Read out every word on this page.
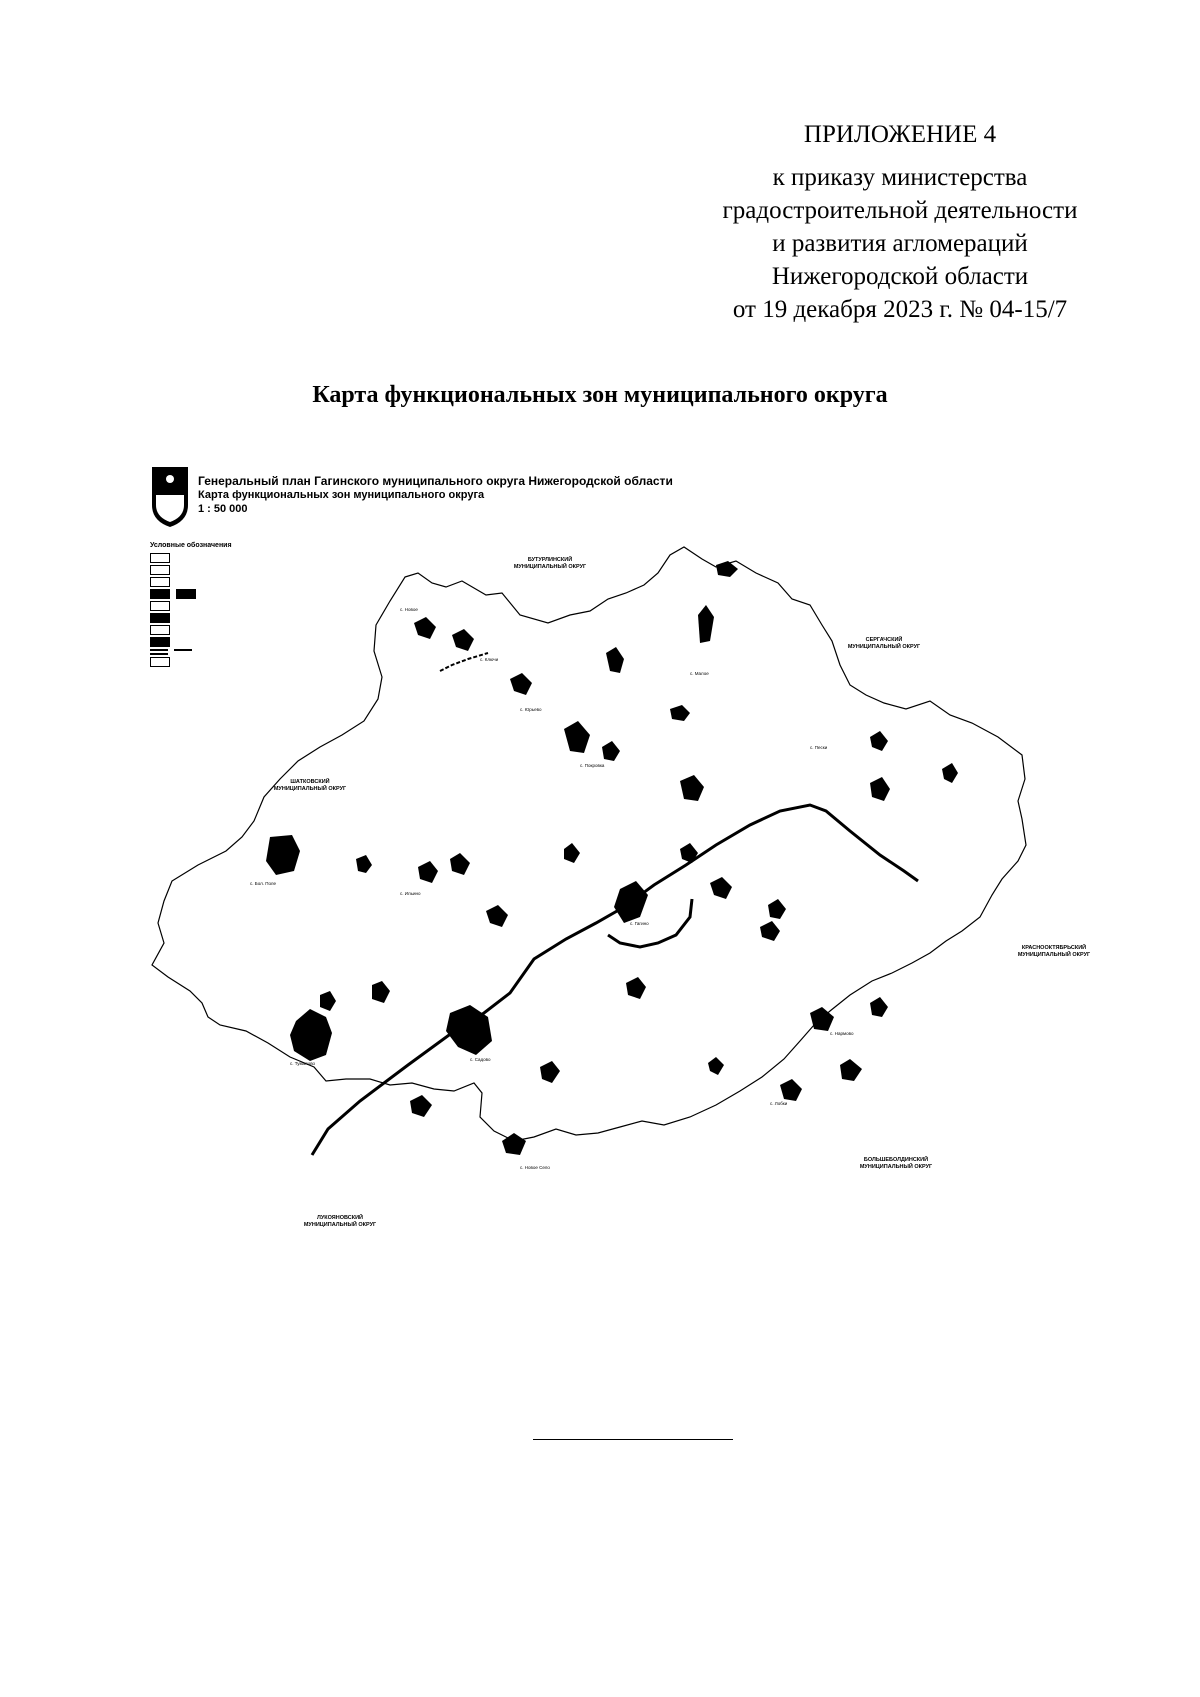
ПРИЛОЖЕНИЕ 4
к приказу министерства
градостроительной деятельности
и развития агломераций
Нижегородской области
от 19 декабря 2023 г. № 04-15/7
Карта функциональных зон муниципального округа
с. Новое
с. Ключи
с. Юрьево
с. Малое
с. Покровка
с. Пески
с. Бол. Поле
с. Ильино
с. Гагино
с. Тумалово
с. Садово
с. Новое Село
с. Нармово
с. Лобки
БУТУРЛИНСКИЙ
МУНИЦИПАЛЬНЫЙ ОКРУГ
СЕРГАЧСКИЙ
МУНИЦИПАЛЬНЫЙ ОКРУГ
ШАТКОВСКИЙ
МУНИЦИПАЛЬНЫЙ ОКРУГ
КРАСНООКТЯБРЬСКИЙ
МУНИЦИПАЛЬНЫЙ ОКРУГ
БОЛЬШЕБОЛДИНСКИЙ
МУНИЦИПАЛЬНЫЙ ОКРУГ
ЛУКОЯНОВСКИЙ
МУНИЦИПАЛЬНЫЙ ОКРУГ
Генеральный план Гагинского муниципального округа Нижегородской области
Карта функциональных зон муниципального округа
1 : 50 000
Условные обозначения
